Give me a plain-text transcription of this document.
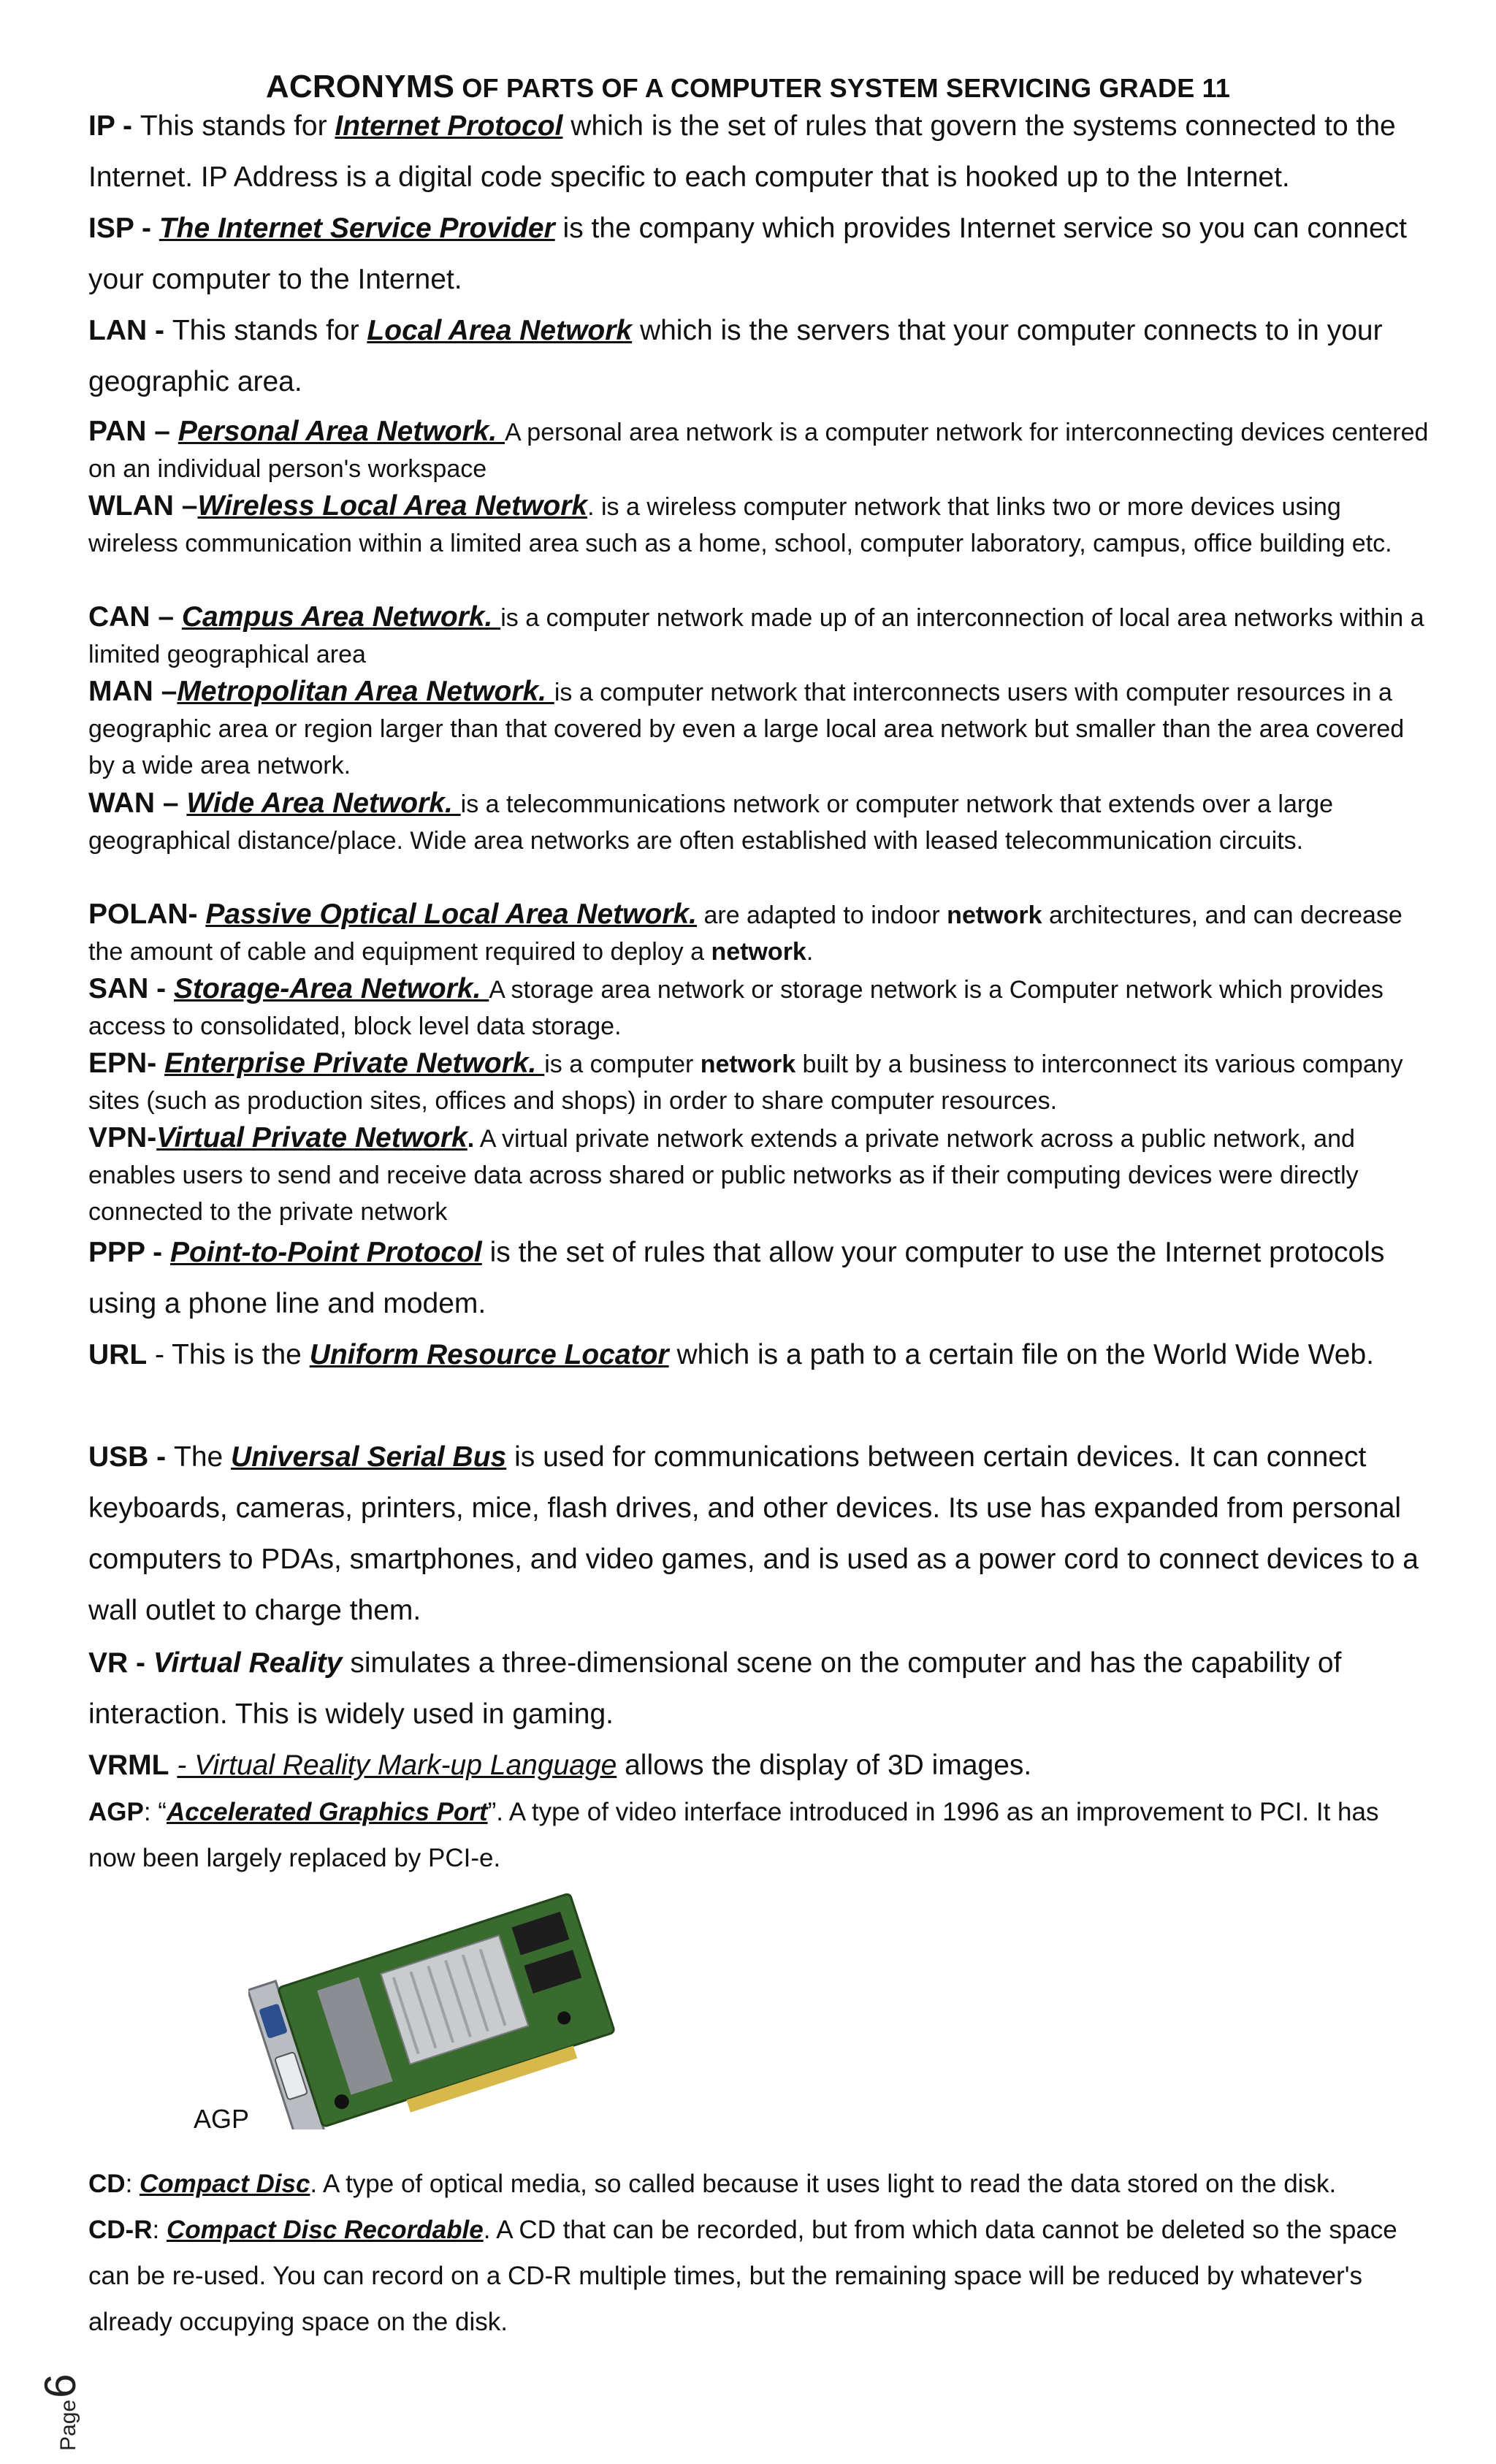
ACRONYMS OF PARTS OF A COMPUTER SYSTEM SERVICING GRADE 11
IP - This stands for Internet Protocol which is the set of rules that govern the systems connected to the Internet. IP Address is a digital code specific to each computer that is hooked up to the Internet.
ISP - The Internet Service Provider is the company which provides Internet service so you can connect your computer to the Internet.
LAN - This stands for Local Area Network which is the servers that your computer connects to in your geographic area.
PAN – Personal Area Network. A personal area network is a computer network for interconnecting devices centered on an individual person's workspace
WLAN –Wireless Local Area Network. is a wireless computer network that links two or more devices using wireless communication within a limited area such as a home, school, computer laboratory, campus, office building etc.
CAN – Campus Area Network. is a computer network made up of an interconnection of local area networks within a limited geographical area
MAN –Metropolitan Area Network. is a computer network that interconnects users with computer resources in a geographic area or region larger than that covered by even a large local area network but smaller than the area covered by a wide area network.
WAN – Wide Area Network. is a telecommunications network or computer network that extends over a large geographical distance/place. Wide area networks are often established with leased telecommunication circuits.
POLAN- Passive Optical Local Area Network. are adapted to indoor network architectures, and can decrease the amount of cable and equipment required to deploy a network.
SAN - Storage-Area Network. A storage area network or storage network is a Computer network which provides access to consolidated, block level data storage.
EPN- Enterprise Private Network. is a computer network built by a business to interconnect its various company sites (such as production sites, offices and shops) in order to share computer resources.
VPN-Virtual Private Network. A virtual private network extends a private network across a public network, and enables users to send and receive data across shared or public networks as if their computing devices were directly connected to the private network
PPP - Point-to-Point Protocol is the set of rules that allow your computer to use the Internet protocols using a phone line and modem.
URL - This is the Uniform Resource Locator which is a path to a certain file on the World Wide Web.
USB - The Universal Serial Bus is used for communications between certain devices. It can connect keyboards, cameras, printers, mice, flash drives, and other devices. Its use has expanded from personal computers to PDAs, smartphones, and video games, and is used as a power cord to connect devices to a wall outlet to charge them.
VR - Virtual Reality simulates a three-dimensional scene on the computer and has the capability of interaction. This is widely used in gaming.
VRML - Virtual Reality Mark-up Language allows the display of 3D images.
AGP: “Accelerated Graphics Port”. A type of video interface introduced in 1996 as an improvement to PCI. It has now been largely replaced by PCI-e.
AGP
CD: Compact Disc. A type of optical media, so called because it uses light to read the data stored on the disk.
CD-R: Compact Disc Recordable. A CD that can be recorded, but from which data cannot be deleted so the space can be re-used. You can record on a CD-R multiple times, but the remaining space will be reduced by whatever's already occupying space on the disk.
Page
6
